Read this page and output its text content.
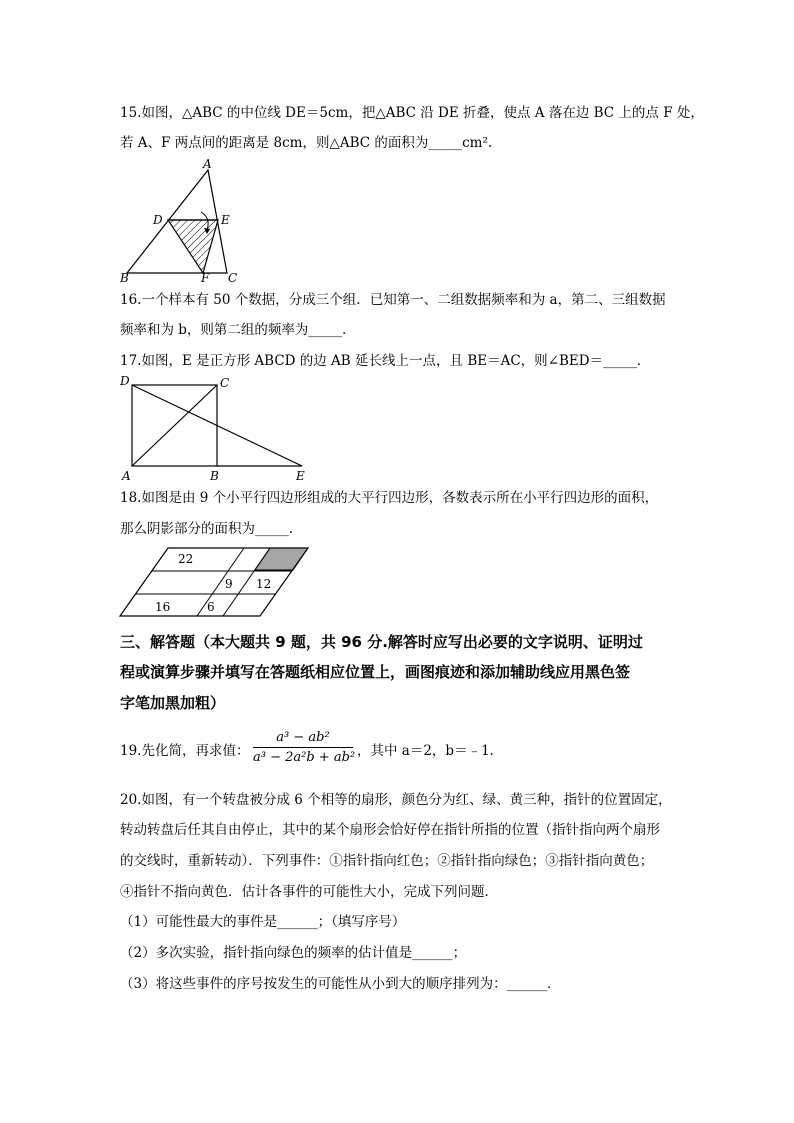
15.如图，△ABC 的中位线 DE＝5cm，把△ABC 沿 DE 折叠，使点 A 落在边 BC 上的点 F 处，
若 A、F 两点间的距离是 8cm，则△ABC 的面积为_____cm².
A
D	E
B	F C
16.一个样本有 50 个数据，分成三个组．已知第一、二组数据频率和为 a，第二、三组数据
频率和为 b，则第二组的频率为_____．
17.如图，E 是正方形 ABCD 的边 AB 延长线上一点，且 BE＝AC，则∠BED＝_____．
D	C
A	B	E
18.如图是由 9 个小平行四边形组成的大平行四边形，各数表示所在小平行四边形的面积，
那么阴影部分的面积为_____．
22
9 12
16	6
三、解答题（本大题共 9 题，共 96 分.解答时应写出必要的文字说明、证明过
程或演算步骤并填写在答题纸相应位置上，画图痕迹和添加辅助线应用黑色签
字笔加黑加粗）
19.先化简，再求值：
a³ − ab²
a³ − 2a²b + ab² ，其中 a＝2，b＝﹣1．
20.如图，有一个转盘被分成 6 个相等的扇形，颜色分为红、绿、黄三种，指针的位置固定，
转动转盘后任其自由停止，其中的某个扇形会恰好停在指针所指的位置（指针指向两个扇形
的交线时，重新转动）．下列事件：①指针指向红色；②指针指向绿色；③指针指向黄色；
④指针不指向黄色．估计各事件的可能性大小，完成下列问题．
（1）可能性最大的事件是______；（填写序号）
（2）多次实验，指针指向绿色的频率的估计值是______；
（3）将这些事件的序号按发生的可能性从小到大的顺序排列为：______．
